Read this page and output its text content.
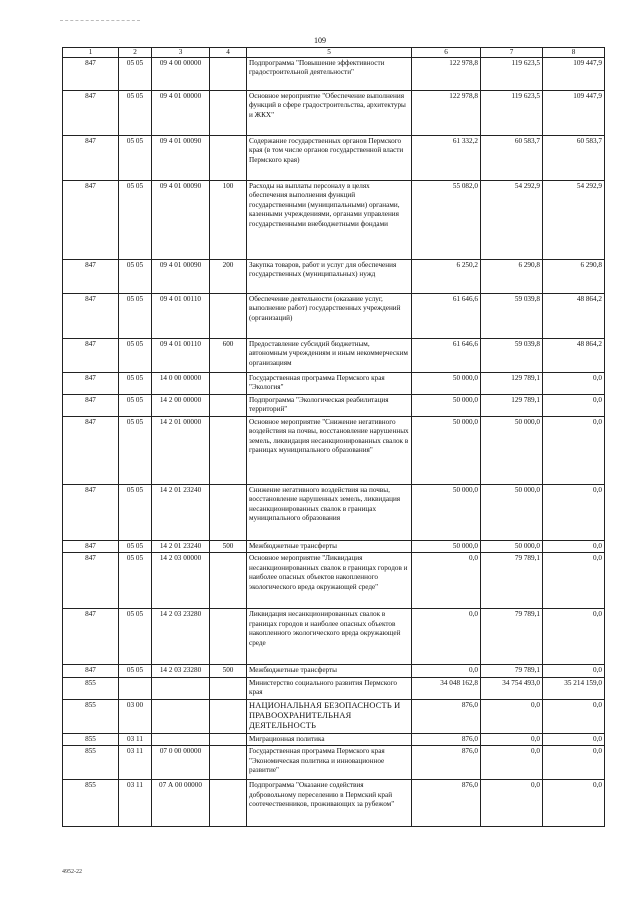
109
1	2	3	4	5	6	7	8
847	05 05	09 4 00 00000		Подпрограмма "Повышение эффективности градостроительной деятельности"	122 978,8	119 623,5	109 447,9
847	05 05	09 4 01 00000		Основное мероприятие "Обеспечение выполнения функций в сфере градостроительства, архитектуры и ЖКХ"	122 978,8	119 623,5	109 447,9
847	05 05	09 4 01 00090		Содержание государственных органов Пермского края (в том числе органов государственной власти Пермского края)	61 332,2	60 583,7	60 583,7
847	05 05	09 4 01 00090	100	Расходы на выплаты персоналу в целях обеспечения выполнения функций государственными (муниципальными) органами, казенными учреждениями, органами управления государственными внебюджетными фондами	55 082,0	54 292,9	54 292,9
847	05 05	09 4 01 00090	200	Закупка товаров, работ и услуг для обеспечения государственных (муниципальных) нужд	6 250,2	6 290,8	6 290,8
847	05 05	09 4 01 00110		Обеспечение деятельности (оказание услуг, выполнение работ) государственных учреждений (организаций)	61 646,6	59 039,8	48 864,2
847	05 05	09 4 01 00110	600	Предоставление субсидий бюджетным, автономным учреждениям и иным некоммерческим организациям	61 646,6	59 039,8	48 864,2
847	05 05	14 0 00 00000		Государственная программа Пермского края "Экология"	50 000,0	129 789,1	0,0
847	05 05	14 2 00 00000		Подпрограмма "Экологическая реабилитация территорий"	50 000,0	129 789,1	0,0
847	05 05	14 2 01 00000		Основное мероприятие "Снижение негативного воздействия на почвы, восстановление нарушенных земель, ликвидация несанкционированных свалок в границах муниципального образования"	50 000,0	50 000,0	0,0
847	05 05	14 2 01 23240		Снижение негативного воздействия на почвы, восстановление нарушенных земель, ликвидация несанкционированных свалок в границах муниципального образования	50 000,0	50 000,0	0,0
847	05 05	14 2 01 23240	500	Межбюджетные трансферты	50 000,0	50 000,0	0,0
847	05 05	14 2 03 00000		Основное мероприятие "Ликвидация несанкционированных свалок в границах городов и наиболее опасных объектов накопленного экологического вреда окружающей среде"	0,0	79 789,1	0,0
847	05 05	14 2 03 23280		Ликвидация несанкционированных свалок в границах городов и наиболее опасных объектов накопленного экологического вреда окружающей среде	0,0	79 789,1	0,0
847	05 05	14 2 03 23280	500	Межбюджетные трансферты	0,0	79 789,1	0,0
855				Министерство социального развития Пермского края	34 048 162,8	34 754 493,0	35 214 159,0
855	03 00			НАЦИОНАЛЬНАЯ БЕЗОПАСНОСТЬ И ПРАВООХРАНИТЕЛЬНАЯ ДЕЯТЕЛЬНОСТЬ	876,0	0,0	0,0
855	03 11			Миграционная политика	876,0	0,0	0,0
855	03 11	07 0 00 00000		Государственная программа Пермского края "Экономическая политика и инновационное развитие"	876,0	0,0	0,0
855	03 11	07 А 00 00000		Подпрограмма "Оказание содействия добровольному переселению в Пермский край соотечественников, проживающих за рубежом"	876,0	0,0	0,0
4952-22
